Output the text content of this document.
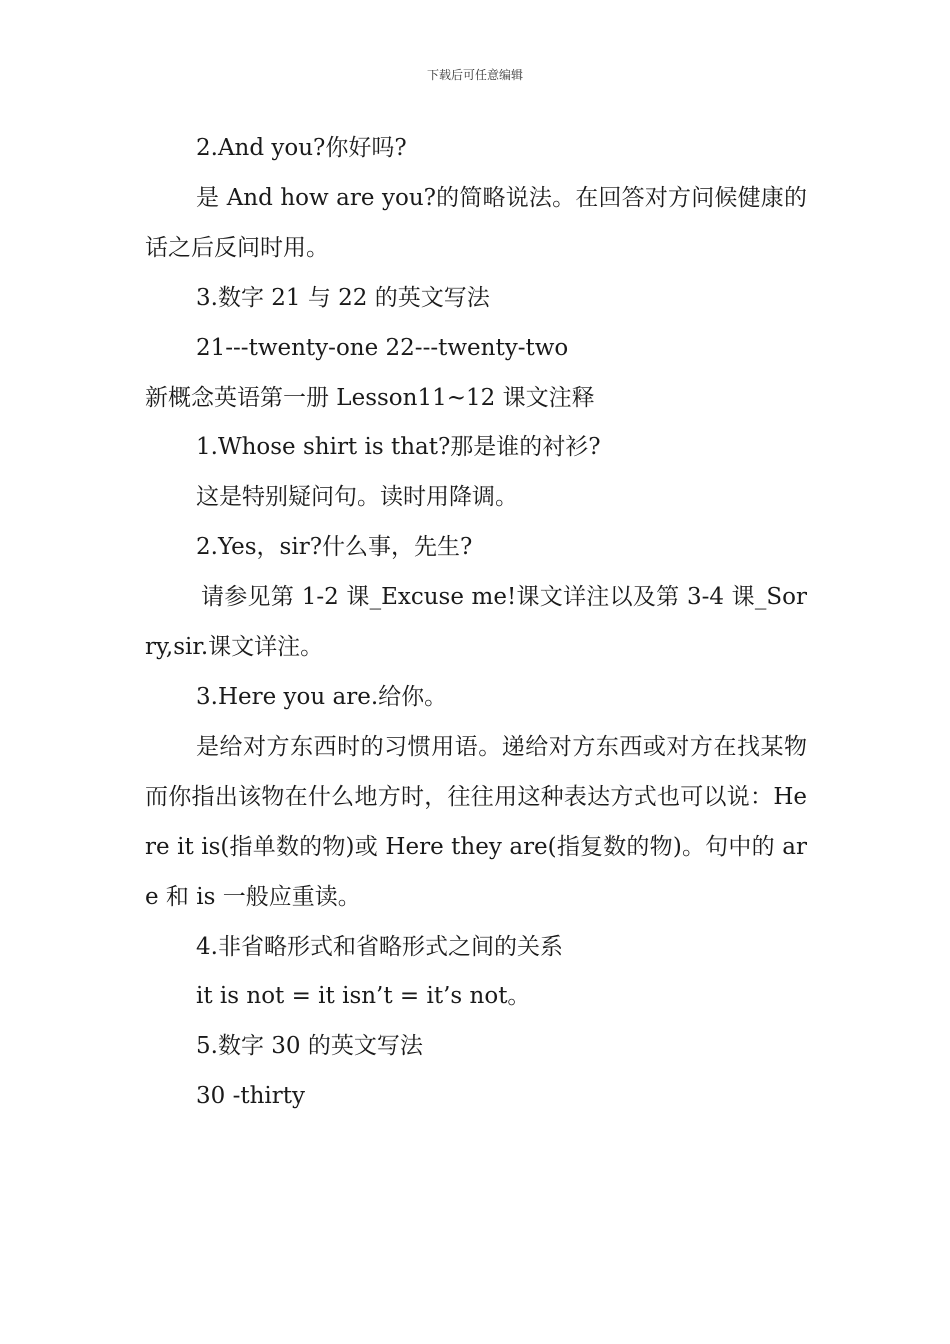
下载后可任意编辑

2.And you?你好吗?

是 And how are you?的简略说法。在回答对方问候健康的话之后反问时用。

3.数字 21 与 22 的英文写法

21---twenty-one 22---twenty-two

新概念英语第一册 Lesson11~12 课文注释

1.Whose shirt is that?那是谁的衬衫?

这是特别疑问句。读时用降调。

2.Yes，sir?什么事，先生?

请参见第 1-2 课_Excuse me!课文详注以及第 3-4 课_Sorry,sir.课文详注。

3.Here you are.给你。

是给对方东西时的习惯用语。递给对方东西或对方在找某物而你指出该物在什么地方时，往往用这种表达方式也可以说：Here it is(指单数的物)或 Here they are(指复数的物)。句中的 are 和 is 一般应重读。

4.非省略形式和省略形式之间的关系

it is not = it isn’t = it’s not。

5.数字 30 的英文写法

30 -thirty
